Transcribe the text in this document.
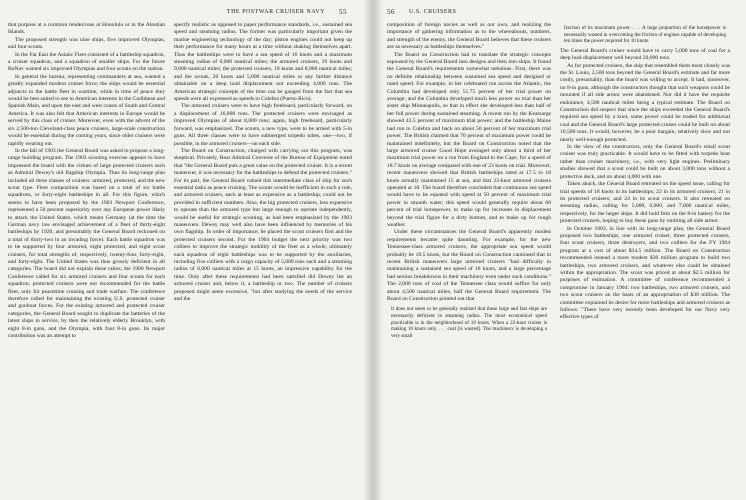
THE POSTWAR CRUISER NAVY 55

that purpose at a common rendezvous at Honolulu or in the Aleutian Islands.

The proposed strength was nine ships, five improved Olympias, and four scouts.

In the Far East the Asiatic Fleet consisted of a battleship squadron, a cruiser squadron, and a squadron of smaller ships. For the future BuNav wanted six improved Olympias and four scouts on the station.

In general the bureau, representing commanders at sea, wanted a greatly expanded modern cruiser force; the ships would be essential adjuncts to the battle fleet in wartime, while in time of peace they would be best suited to see to American interests in the Caribbean and Spanish Main, and upon the east and west coasts of South and Central America. It was also felt that American interests in Europe would be served by this class of cruiser. Moreover, even with the advent of the six 2,500-ton Cleveland-class peace cruisers, large-scale construction would be essential during the coming years, since older cruisers were rapidly wearing out.

In the fall of 1903 the General Board was asked to propose a long-range building program. The 1903 scouting exercise appears to have impressed the board with the virtues of large protected cruisers such as Admiral Dewey's old flagship Olympia. Thus its long-range plan included all three classes of cruisers: armored, protected, and the new scout type. Fleet composition was based on a total of six battle squadrons, or forty-eight battleships in all. For this figure, which seems to have been proposed by the 1903 Newport Conference, represented a 50 percent superiority over any European power likely to attack the United States, which meant Germany (at the time the German navy law envisaged achievement of a fleet of thirty-eight battleships by 1920, and presumably the General Board reckoned on a total of thirty-two in an invading force). Each battle squadron was to be supported by four armored, eight protected, and eight scout cruisers, for total strengths of, respectively, twenty-four, forty-eight, and forty-eight. The United States was thus grossly deficient in all categories. The board did not explain these ratios; the 1900 Newport Conference called for six armored cruisers and four scouts for each squadron; protected cruisers were not recommended for the battle fleet, only for peacetime cruising and trade warfare. The conference therefore called for maintaining the existing U.S. protected cruiser and gunboat forces. For the existing armored and protected cruiser categories, the General Board sought to duplicate the batteries of the latest ships in service, by then the relatively elderly Brooklyn, with eight 8-in guns, and the Olympia, with four 8-in guns. Its major contribution was an attempt to

specify realistic as opposed to paper performance standards, i.e., sustained sea speed and steaming radius. The former was particularly important given the marine engineering technology of the day; piston engines could not keep up their performance for many hours at a time without shaking themselves apart. Thus the battleships were to have a sea speed of 16 knots and a maximum steaming radius of 6,000 nautical miles; the armored cruisers, 19 knots and 9,000 nautical miles; the protected cruisers, 18 knots and 8,000 nautical miles; and the scouts, 20 knots and 5,000 nautical miles or any farther distance obtainable on a deep load displacement not exceeding 4,000 tons. The American strategic concepts of the time can be gauged from the fact that sea speeds were all expressed as speeds to Culebra (Puerto Rico).

The armored cruisers were to have high freeboard, particularly forward, on a displacement of 16,000 tons. The protected cruisers were envisaged as improved Olympias of about 8,000 tons; again, high freeboard, particularly forward, was emphasized. The scouts, a new type, were to be armed with 5-in guns. All three classes were to have submerged torpedo tubes, one—two, if possible, in the armored cruisers—on each side.

The Board on Construction, charged with carrying out this program, was skeptical. Privately, Rear Admiral Converse of the Bureau of Equipment noted that "the General Board puts a great value on the protected cruiser. It is a recent maneuver, it was necessary for the battleships to defend the protected cruisers." For its part, the General Board valued this intermediate class of ship for such essential tasks as peace cruising. The scouts would be inefficient in such a role, and armored cruisers, each at least as expensive as a battleship, could not be provided in sufficient numbers. Also, the big protected cruisers, less expensive to operate than the armored type but large enough to operate independently, would be useful for strategic scouting, as had been emphasized by the 1903 maneuvers. Dewey may well also have been influenced by memories of his own flagship. In order of importance, he placed the scout cruisers first and the protected cruisers second. For the 1904 budget the next priority was two colliers to improve the strategic mobility of the fleet as a whole; ultimately each squadron of eight battleships was to be supported by the auxiliaries, including five colliers with a cargo capacity of 5,000 tons each and a steaming radius of 6,000 nautical miles at 15 knots, an impressive capability for the time. Only after these requirements had been satisfied did Dewey list an armored cruiser and, below it, a battleship or two. The number of cruisers proposed might seem excessive, "but after studying the needs of the service and the

56 U.S. CRUISERS

composition of foreign navies as well as our own, and realizing the importance of gathering information as to the whereabouts, numbers, and strength of the enemy, the General Board believes that these cruisers are as necessary as battleships themselves."

The Board on Construction had to translate the strategic concepts espoused by the General Board into designs and then into ships. It found the General Board's requirements somewhat nebulous. First, there was no definite relationship between sustained sea speed and designed or rated speed. For example, in her celebrated run across the Atlantic, the Columbia had developed only 51.75 percent of her trial power on average; and the Columbia developed much less power on trial than her sister ship Minneapolis, so that in effect she developed less than half of her full power during sustained steaming. A recent run by the Kearsarge showed 43.5 percent of maximum trial power; and the battleship Maine had run to Culebra and back on about 50 percent of her maximum trial power. The British claimed that 70 percent of maximum power could be maintained indefinitely, but the Board on Construction noted that the large armored cruiser Good Hope averaged only about a third of her maximum trial power on a run from England to the Cape, for a speed of 18.7 knots on average compared with one of 23 knots on trial. Moreover, recent maneuvers showed that British battleships rated at 17.5 to 18 knots actually maintained 15 at sea, and that 23-knot armored cruisers operated at 18. The board therefore concluded that continuous sea speed would have to be equated with speed at 50 percent of maximum trial power in smooth water; this speed would generally require about 60 percent of trial horsepower, to make up for increases in displacement beyond the trial figure for a dirty bottom, and to make up for rough weather.

Under these circumstances the General Board's apparently modest requirements became quite daunting. For example, for the new Tennessee-class armored cruisers, the appropriate sea speed would probably be 18.5 knots, but the Board on Construction cautioned that in recent British maneuvers large armored cruisers "had difficulty in maintaining a sustained sea speed of 18 knots, and a large percentage had serious breakdowns in their machinery even under such conditions." The 2,000 tons of coal of the Tennessee class would suffice for only about 4,500 nautical miles, half the General Board requirement. The Board on Construction pointed out that

It does not seem to be generally realized that these large and fast ships are necessarily deficient in steaming radius. The most economical speed practicable is in the neighborhood of 10 knots. When a 22-knot cruiser is making 10 knots only, . . . coal [is wasted]. The machinery is developing a very small

fraction of its maximum power. . . . A large proportion of the horsepower is necessarily wasted in overcoming the friction of engines capable of developing ten times the power required for 10 knots.

The General Board's cruiser would have to carry 5,000 tons of coal for a deep load displacement well beyond 20,000 tons.

As for protected cruisers, the ship that resembled them most closely was the St. Louis, 2,500 tons beyond the General Board's estimate and far more costly, presumably, than the board was willing to accept. It had, moreover, no 8-in guns, although the constructors thought that such weapons could be mounted if all side armor were abandoned. Nor did it have the requisite endurance, 4,500 nautical miles being a typical estimate. The Board on Construction did suspect that since the ships exceeded the General Board's required sea speed by a knot, some power could be traded for additional coal and the General Board's large protected cruiser could be built on about 10,500 tons. It would, however, be a poor bargain, relatively slow and not nearly well-enough protected.

In the view of the constructors, only the General Board's small scout cruiser was truly practicable. It would have to be fitted with torpedo boat rather than cruiser machinery, i.e., with very light engines. Preliminary studies showed that a scout could be built on about 3,000 tons without a protective deck, and on about 4,000 with one.

Taken aback, the General Board retreated on the speed issue, calling for trial speeds of 18 knots in its battleships; 22 in its armored cruisers; 21 in its protected cruisers; and 24 in its scout cruisers. It also retreated on steaming radius, calling for 5,000, 6,000, and 7,000 nautical miles, respectively, for the larger ships. It did hold firm on the 8-in battery for the protected cruisers, hoping to buy these guns by omitting all side armor.

In October 1903, in line with its long-range plan, the General Board proposed two battleships, one armored cruiser, three protected cruisers, four scout cruisers, three destroyers, and two colliers for the FY 1904 program at a cost of about $34.5 million. The Board on Construction recommended instead a more modest $30 million program to build two battleships, two armored cruisers, and whatever else could be obtained within the appropriation. The scout was priced at about $2.5 million for purposes of estimation. A committee of conference recommended a compromise in January 1904: two battleships, two armored cruisers, and two scout cruisers on the basis of an appropriation of $30 million. The committee explained its desire for more battleships and armored cruisers as follows: "There have very recently been developed for our Navy very effective types of
